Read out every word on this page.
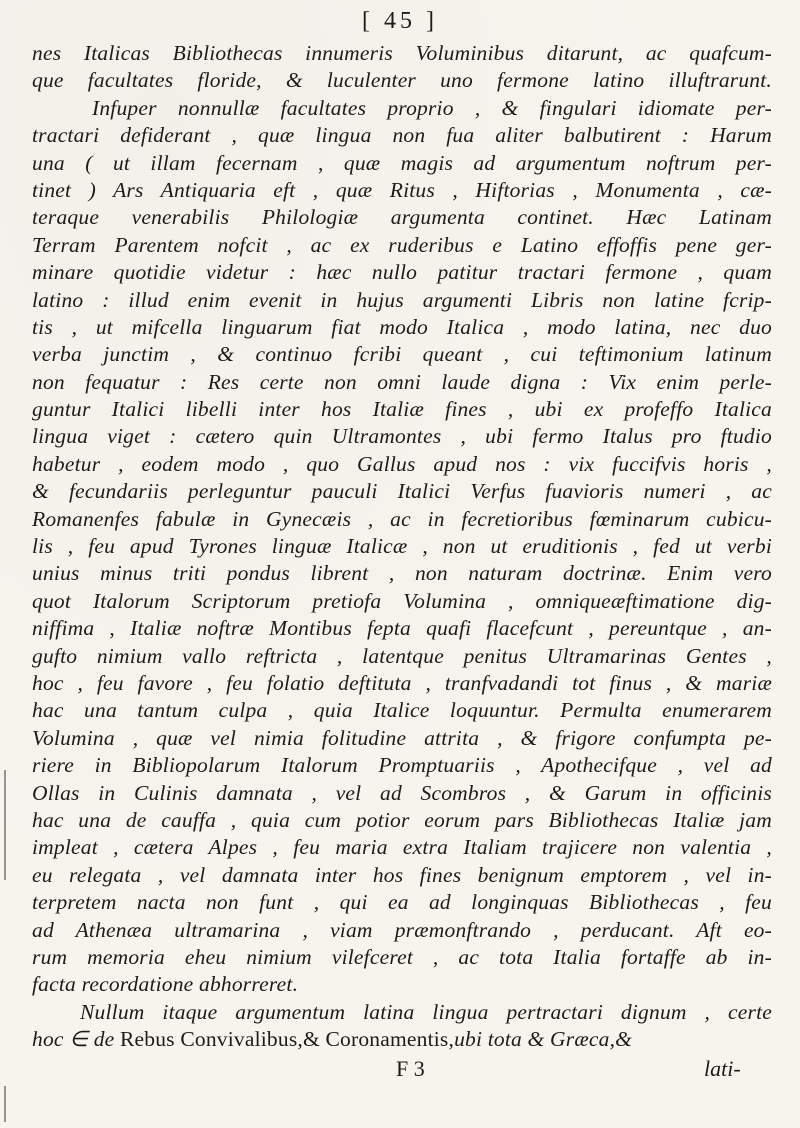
[ 45 ]
nes Italicas Bibliothecas innumeris Voluminibus ditarunt, ac quafcum-
que facultates floride, & luculenter uno fermone latino illuftrarunt.
Infuper nonnullæ facultates proprio , & fingulari idiomate per-
tractari defiderant , quæ lingua non fua aliter balbutirent : Harum
una ( ut illam fecernam , quæ magis ad argumentum noftrum per-
tinet ) Ars Antiquaria eft , quæ Ritus , Hiftorias , Monumenta , cæ-
teraque venerabilis Philologiæ argumenta continet. Hæc Latinam
Terram Parentem nofcit , ac ex ruderibus e Latino effoffis pene ger-
minare quotidie videtur : hæc nullo patitur tractari fermone , quam
latino : illud enim evenit in hujus argumenti Libris non latine fcrip-
tis , ut mifcella linguarum fiat modo Italica , modo latina, nec duo
verba junctim , & continuo fcribi queant , cui teftimonium latinum
non fequatur : Res certe non omni laude digna : Vix enim perle-
guntur Italici libelli inter hos Italiæ fines , ubi ex profeffo Italica
lingua viget : cætero quin Ultramontes , ubi fermo Italus pro ftudio
habetur , eodem modo , quo Gallus apud nos : vix fuccifvis horis ,
& fecundariis perleguntur pauculi Italici Verfus fuavioris numeri , ac
Romanenfes fabulæ in Gynecæis , ac in fecretioribus fœminarum cubicu-
lis , feu apud Tyrones linguæ Italicæ , non ut eruditionis , fed ut verbi
unius minus triti pondus librent , non naturam doctrinæ. Enim vero
quot Italorum Scriptorum pretiofa Volumina , omniqueæftimatione dig-
niffima , Italiæ noftræ Montibus fepta quafi flacefcunt , pereuntque , an-
gufto nimium vallo reftricta , latentque penitus Ultramarinas Gentes ,
hoc , feu favore , feu folatio deftituta , tranfvadandi tot finus , & mariæ
hac una tantum culpa , quia Italice loquuntur. Permulta enumerarem
Volumina , quæ vel nimia folitudine attrita , & frigore confumpta pe-
riere in Bibliopolarum Italorum Promptuariis , Apothecifque , vel ad
Ollas in Culinis damnata , vel ad Scombros , & Garum in officinis
hac una de cauffa , quia cum potior eorum pars Bibliothecas Italiæ jam
impleat , cætera Alpes , feu maria extra Italiam trajicere non valentia ,
eu relegata , vel damnata inter hos fines benignum emptorem , vel in-
terpretem nacta non funt , qui ea ad longinquas Bibliothecas , feu
ad Athenæa ultramarina , viam præmonftrando , perducant. Aft eo-
rum memoria eheu nimium vilefceret , ac tota Italia fortaffe ab in-
facta recordatione abhorreret.
Nullum itaque argumentum latina lingua pertractari dignum , certe
hoc ∈ de Rebus Convivalibus,& Coronamentis,ubi tota & Græca,&
F 3	lati-
